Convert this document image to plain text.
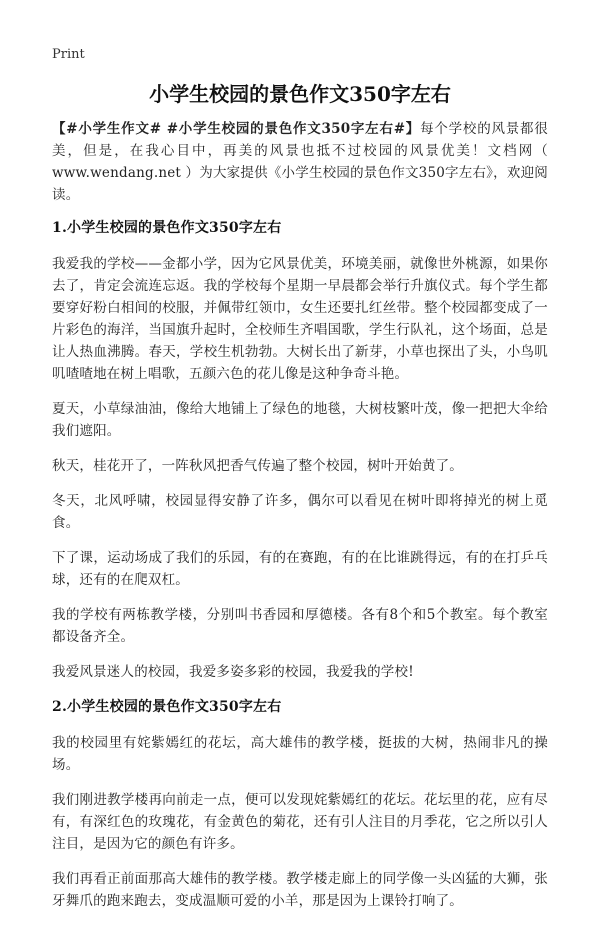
Print
小学生校园的景色作文350字左右

【#小学生作文# #小学生校园的景色作文350字左右#】每个学校的风景都很美，但是，在我心目中，再美的风景也抵不过校园的风景优美！文档网（ www.wendang.net ）为大家提供《小学生校园的景色作文350字左右》，欢迎阅读。

1.小学生校园的景色作文350字左右

我爱我的学校——金都小学，因为它风景优美，环境美丽，就像世外桃源，如果你去了，肯定会流连忘返。我的学校每个星期一早晨都会举行升旗仪式。每个学生都要穿好粉白相间的校服，并佩带红领巾，女生还要扎红丝带。整个校园都变成了一片彩色的海洋，当国旗升起时，全校师生齐唱国歌，学生行队礼，这个场面，总是让人热血沸腾。春天，学校生机勃勃。大树长出了新芽，小草也探出了头，小鸟叽叽喳喳地在树上唱歌，五颜六色的花儿像是这种争奇斗艳。

夏天，小草绿油油，像给大地铺上了绿色的地毯，大树枝繁叶茂，像一把把大伞给我们遮阳。

秋天，桂花开了，一阵秋风把香气传遍了整个校园，树叶开始黄了。

冬天，北风呼啸，校园显得安静了许多，偶尔可以看见在树叶即将掉光的树上觅食。

下了课，运动场成了我们的乐园，有的在赛跑，有的在比谁跳得远，有的在打乒乓球，还有的在爬双杠。

我的学校有两栋教学楼，分别叫书香园和厚德楼。各有8个和5个教室。每个教室都设备齐全。

我爱风景迷人的校园，我爱多姿多彩的校园，我爱我的学校!

2.小学生校园的景色作文350字左右

我的校园里有姹紫嫣红的花坛，高大雄伟的教学楼，挺拔的大树，热闹非凡的操场。

我们刚进教学楼再向前走一点，便可以发现姹紫嫣红的花坛。花坛里的花，应有尽有，有深红色的玫瑰花，有金黄色的菊花，还有引人注目的月季花，它之所以引人注目，是因为它的颜色有许多。

我们再看正前面那高大雄伟的教学楼。教学楼走廊上的同学像一头凶猛的大狮，张牙舞爪的跑来跑去，变成温顺可爱的小羊，那是因为上课铃打响了。
